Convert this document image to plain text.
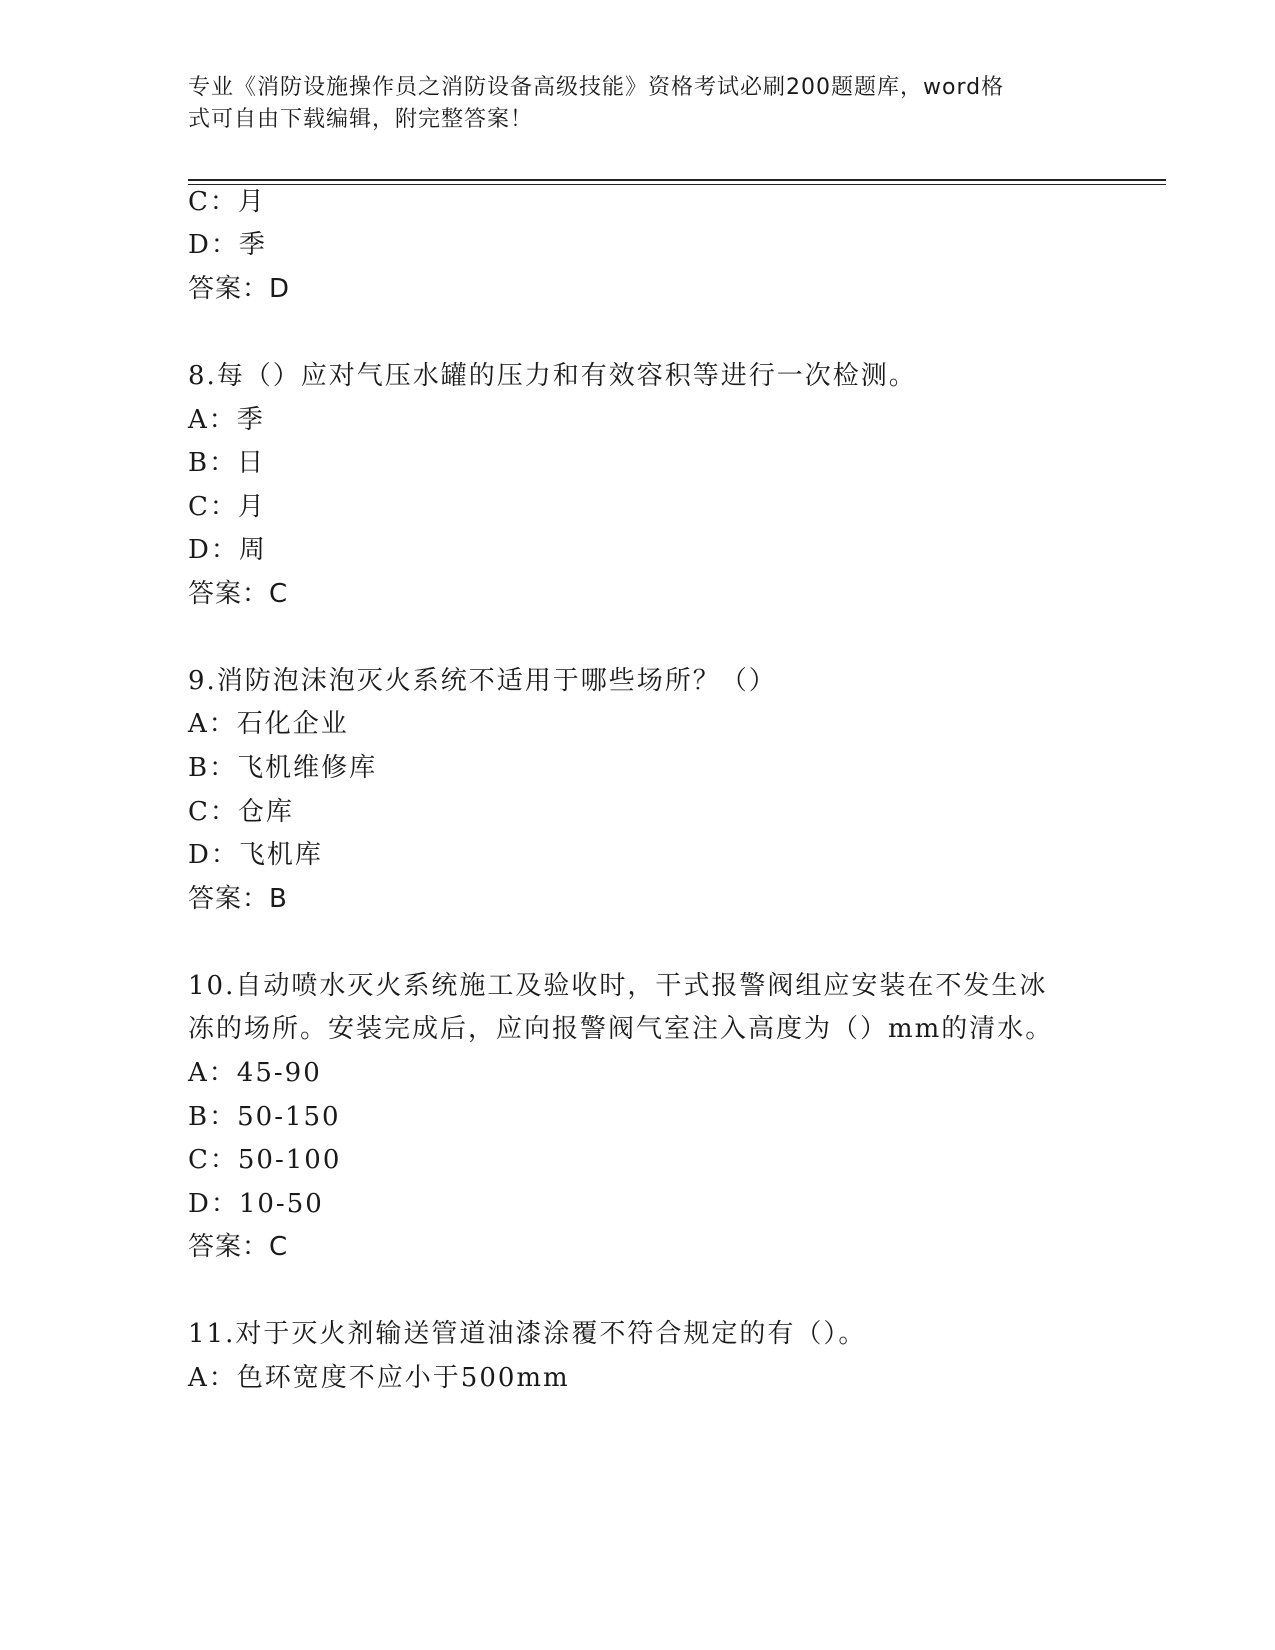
专业《消防设施操作员之消防设备高级技能》资格考试必刷200题题库，word格
式可自由下载编辑，附完整答案！
C：月
D：季
答案：D
8.每（）应对气压水罐的压力和有效容积等进行一次检测。
A：季
B：日
C：月
D：周
答案：C
9.消防泡沫泡灭火系统不适用于哪些场所？（）
A：石化企业
B：飞机维修库
C：仓库
D：飞机库
答案：B
10.自动喷水灭火系统施工及验收时，干式报警阀组应安装在不发生冰
冻的场所。安装完成后，应向报警阀气室注入高度为（）mm的清水。
A：45-90
B：50-150
C：50-100
D：10-50
答案：C
11.对于灭火剂输送管道油漆涂覆不符合规定的有（）。
A：色环宽度不应小于500mm
